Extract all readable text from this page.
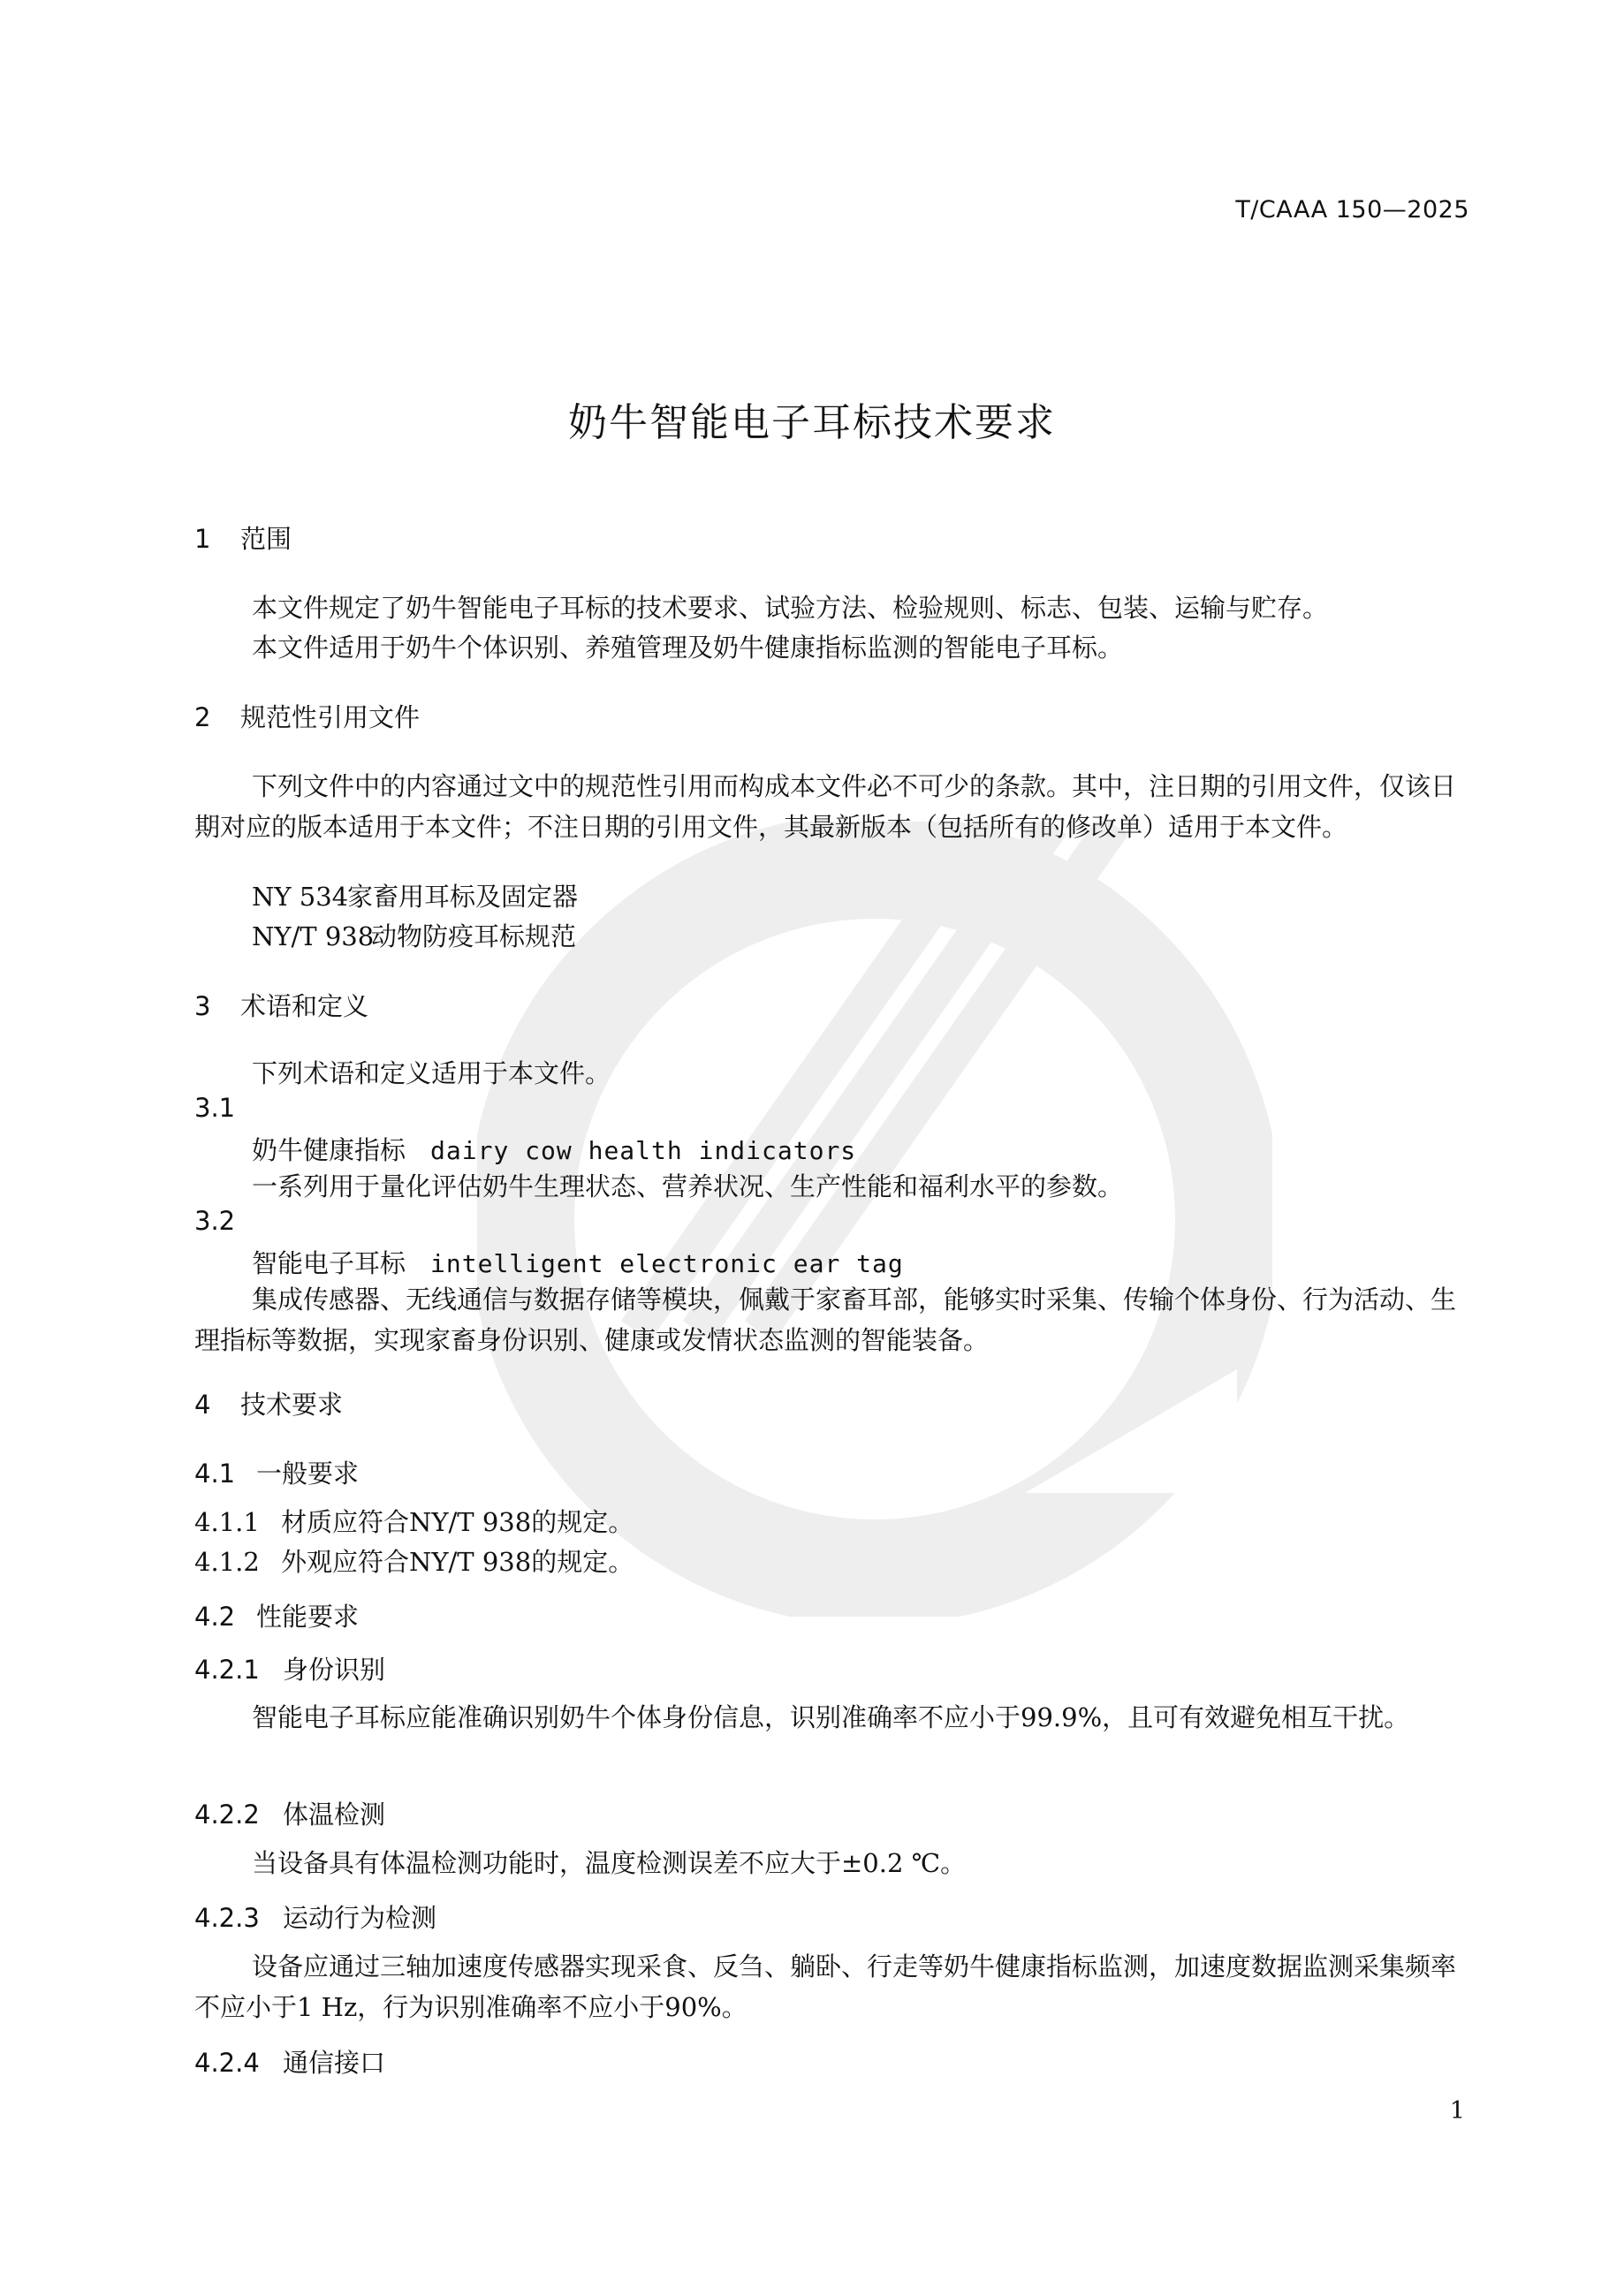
T/CAAA 150—2025
奶牛智能电子耳标技术要求
1 范围
本文件规定了奶牛智能电子耳标的技术要求、试验方法、检验规则、标志、包装、运输与贮存。
本文件适用于奶牛个体识别、养殖管理及奶牛健康指标监测的智能电子耳标。
2 规范性引用文件
下列文件中的内容通过文中的规范性引用而构成本文件必不可少的条款。其中，注日期的引用文件，仅该日期对应的版本适用于本文件；不注日期的引用文件，其最新版本（包括所有的修改单）适用于本文件。
NY 534家畜用耳标及固定器
NY/T 938动物防疫耳标规范
3 术语和定义
下列术语和定义适用于本文件。
3.1
奶牛健康指标 dairy cow health indicators
一系列用于量化评估奶牛生理状态、营养状况、生产性能和福利水平的参数。
3.2
智能电子耳标 intelligent electronic ear tag
集成传感器、无线通信与数据存储等模块，佩戴于家畜耳部，能够实时采集、传输个体身份、行为活动、生理指标等数据，实现家畜身份识别、健康或发情状态监测的智能装备。
4 技术要求
4.1 一般要求
4.1.1 材质应符合NY/T 938的规定。
4.1.2 外观应符合NY/T 938的规定。
4.2 性能要求
4.2.1 身份识别
智能电子耳标应能准确识别奶牛个体身份信息，识别准确率不应小于99.9%，且可有效避免相互干扰。
4.2.2 体温检测
当设备具有体温检测功能时，温度检测误差不应大于±0.2 ℃。
4.2.3 运动行为检测
设备应通过三轴加速度传感器实现采食、反刍、躺卧、行走等奶牛健康指标监测，加速度数据监测采集频率不应小于1 Hz，行为识别准确率不应小于90%。
4.2.4 通信接口
1
